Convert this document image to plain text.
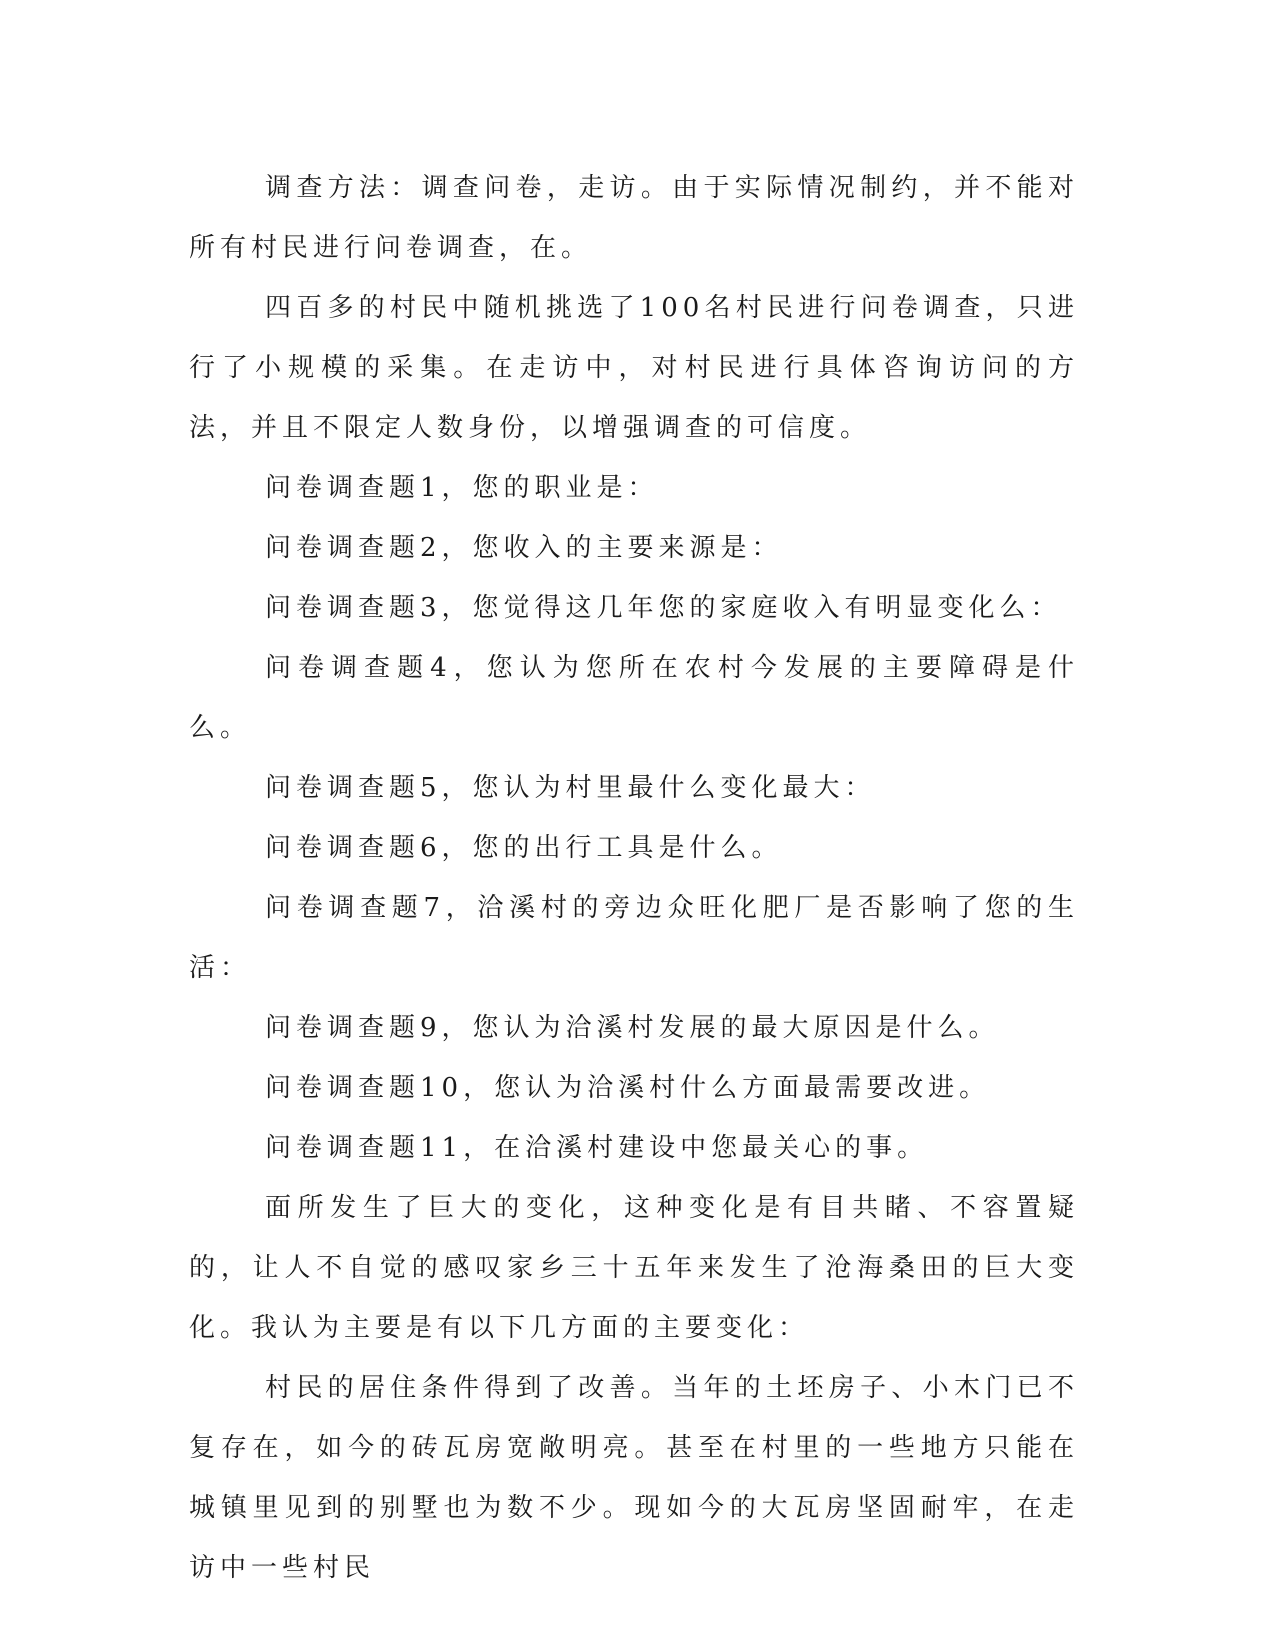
调查方法：调查问卷，走访。由于实际情况制约，并不能对所有村民进行问卷调查，在。

四百多的村民中随机挑选了100名村民进行问卷调查，只进行了小规模的采集。在走访中，对村民进行具体咨询访问的方法，并且不限定人数身份，以增强调查的可信度。

问卷调查题1，您的职业是：

问卷调查题2，您收入的主要来源是：

问卷调查题3，您觉得这几年您的家庭收入有明显变化么：

问卷调查题4，您认为您所在农村今发展的主要障碍是什么。

问卷调查题5，您认为村里最什么变化最大：

问卷调查题6，您的出行工具是什么。

问卷调查题7，洽溪村的旁边众旺化肥厂是否影响了您的生活：

问卷调查题9，您认为洽溪村发展的最大原因是什么。

问卷调查题10，您认为洽溪村什么方面最需要改进。

问卷调查题11，在洽溪村建设中您最关心的事。

面所发生了巨大的变化，这种变化是有目共睹、不容置疑的，让人不自觉的感叹家乡三十五年来发生了沧海桑田的巨大变化。我认为主要是有以下几方面的主要变化：

村民的居住条件得到了改善。当年的土坯房子、小木门已不复存在，如今的砖瓦房宽敞明亮。甚至在村里的一些地方只能在城镇里见到的别墅也为数不少。现如今的大瓦房坚固耐牢，在走访中一些村民
